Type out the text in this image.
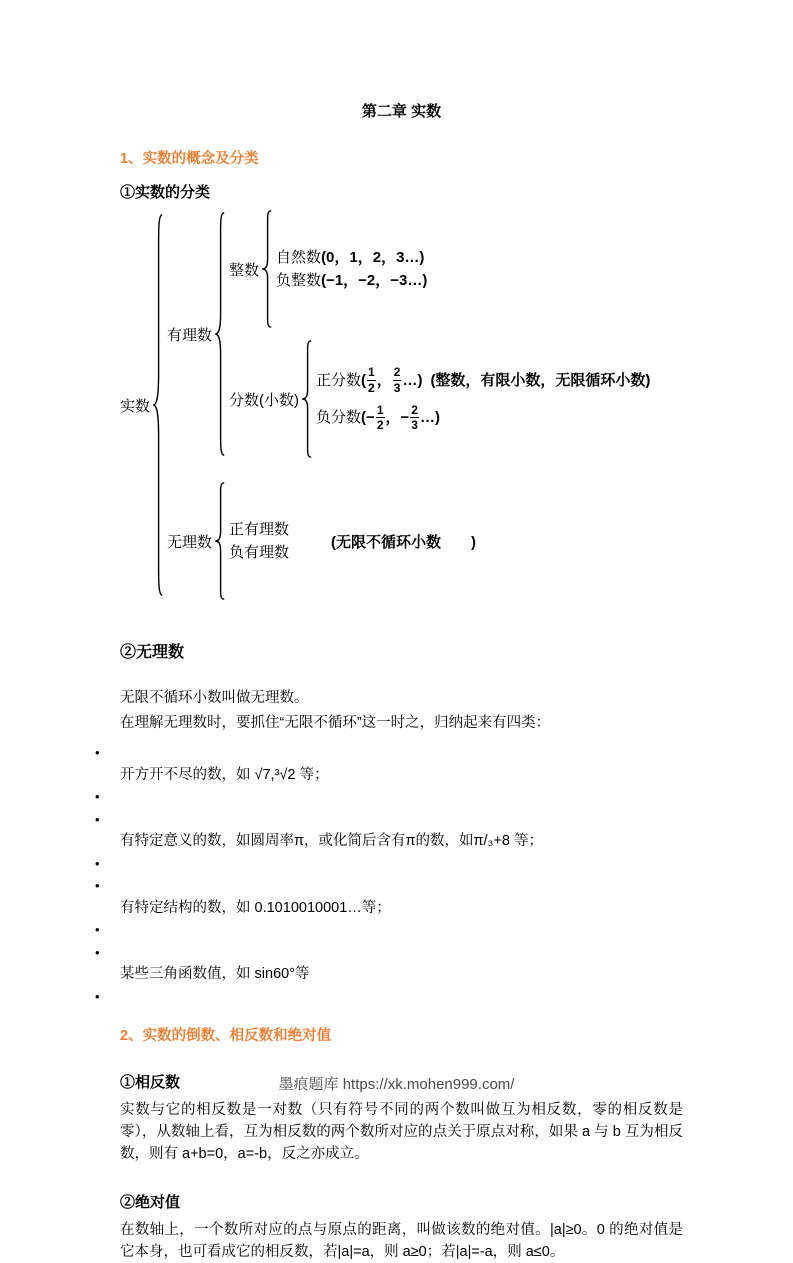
第二章 实数
1、实数的概念及分类
①实数的分类
实数
有理数
整数
自然数 (0，1，2，3…)
负整数 (−1，−2，−3…)
分数(小数)
正分数 ( $\frac{1}{2}$ ， $\frac{2}{3}$ …) (整数，有限小数，无限循环小数)
负分数 (− $\frac{1}{2}$ ，− $\frac{2}{3}$ …)
无理数
正有理数
负有理数
(无限不循环小数　　)
②无理数
无限不循环小数叫做无理数。
在理解无理数时，要抓住“无限不循环”这一时之，归纳起来有四类：
•
开方开不尽的数，如 √7,³√2 等；
•
•
有特定意义的数，如圆周率π，或化简后含有π的数，如π/₃+8 等；
•
•
有特定结构的数，如 0.1010010001…等；
•
•
某些三角函数值，如 sin60°等
•
2、实数的倒数、相反数和绝对值
①相反数
实数与它的相反数是一对数（只有符号不同的两个数叫做互为相反数，零的相反数是零），从数轴上看，互为相反数的两个数所对应的点关于原点对称，如果 a 与 b 互为相反数，则有 a+b=0，a=-b，反之亦成立。
②绝对值
在数轴上，一个数所对应的点与原点的距离，叫做该数的绝对值。|a|≥0。0 的绝对值是它本身，也可看成它的相反数，若|a|=a，则 a≥0；若|a|=-a，则 a≤0。
墨痕题库 https://xk.mohen999.com/
